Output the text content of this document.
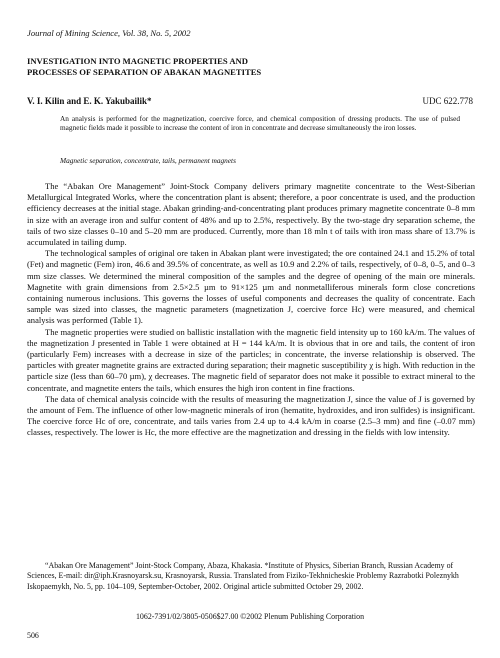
Journal of Mining Science, Vol. 38, No. 5, 2002
INVESTIGATION INTO MAGNETIC PROPERTIES AND
PROCESSES OF SEPARATION OF ABAKAN MAGNETITES
V. I. Kilin and E. K. Yakubailik*	UDC 622.778
An analysis is performed for the magnetization, coercive force, and chemical composition of dressing products. The use of pulsed magnetic fields made it possible to increase the content of iron in concentrate and decrease simultaneously the iron losses.
Magnetic separation, concentrate, tails, permanent magnets

The “Abakan Ore Management” Joint-Stock Company delivers primary magnetite concentrate to the West-Siberian Metallurgical Integrated Works, where the concentration plant is absent; therefore, a poor concentrate is used, and the production efficiency decreases at the initial stage. Abakan grinding-and-concentrating plant produces primary magnetite concentrate 0–8 mm in size with an average iron and sulfur content of 48% and up to 2.5%, respectively. By the two-stage dry separation scheme, the tails of two size classes 0–10 and 5–20 mm are produced. Currently, more than 18 mln t of tails with iron mass share of 13.7% is accumulated in tailing dump.

The technological samples of original ore taken in Abakan plant were investigated; the ore contained 24.1 and 15.2% of total (Fet) and magnetic (Fem) iron, 46.6 and 39.5% of concentrate, as well as 10.9 and 2.2% of tails, respectively, of 0–8, 0–5, and 0–3 mm size classes. We determined the mineral composition of the samples and the degree of opening of the main ore minerals. Magnetite with grain dimensions from 2.5×2.5 µm to 91×125 µm and nonmetalliferous minerals form close concretions containing numerous inclusions. This governs the losses of useful components and decreases the quality of concentrate. Each sample was sized into classes, the magnetic parameters (magnetization J, coercive force Hc) were measured, and chemical analysis was performed (Table 1).

The magnetic properties were studied on ballistic installation with the magnetic field intensity up to 160 kA/m. The values of the magnetization J presented in Table 1 were obtained at H = 144 kA/m. It is obvious that in ore and tails, the content of iron (particularly Fem) increases with a decrease in size of the particles; in concentrate, the inverse relationship is observed. The particles with greater magnetite grains are extracted during separation; their magnetic susceptibility χ is high. With reduction in the particle size (less than 60–70 µm), χ decreases. The magnetic field of separator does not make it possible to extract mineral to the concentrate, and magnetite enters the tails, which ensures the high iron content in fine fractions.

The data of chemical analysis coincide with the results of measuring the magnetization J, since the value of J is governed by the amount of Fem. The influence of other low-magnetic minerals of iron (hematite, hydroxides, and iron sulfides) is insignificant. The coercive force Hc of ore, concentrate, and tails varies from 2.4 up to 4.4 kA/m in coarse (2.5–3 mm) and fine (–0.07 mm) classes, respectively. The lower is Hc, the more effective are the magnetization and dressing in the fields with low intensity.

“Abakan Ore Management” Joint-Stock Company, Abaza, Khakasia. *Institute of Physics, Siberian Branch, Russian Academy of Sciences, E-mail: dir@iph.Krasnoyarsk.su, Krasnoyarsk, Russia. Translated from Fiziko-Tekhnicheskie Problemy Razrabotki Poleznykh Iskopaemykh, No. 5, pp. 104–109, September-October, 2002. Original article submitted October 29, 2002.

1062-7391/02/3805-0506$27.00 ©2002 Plenum Publishing Corporation
506
